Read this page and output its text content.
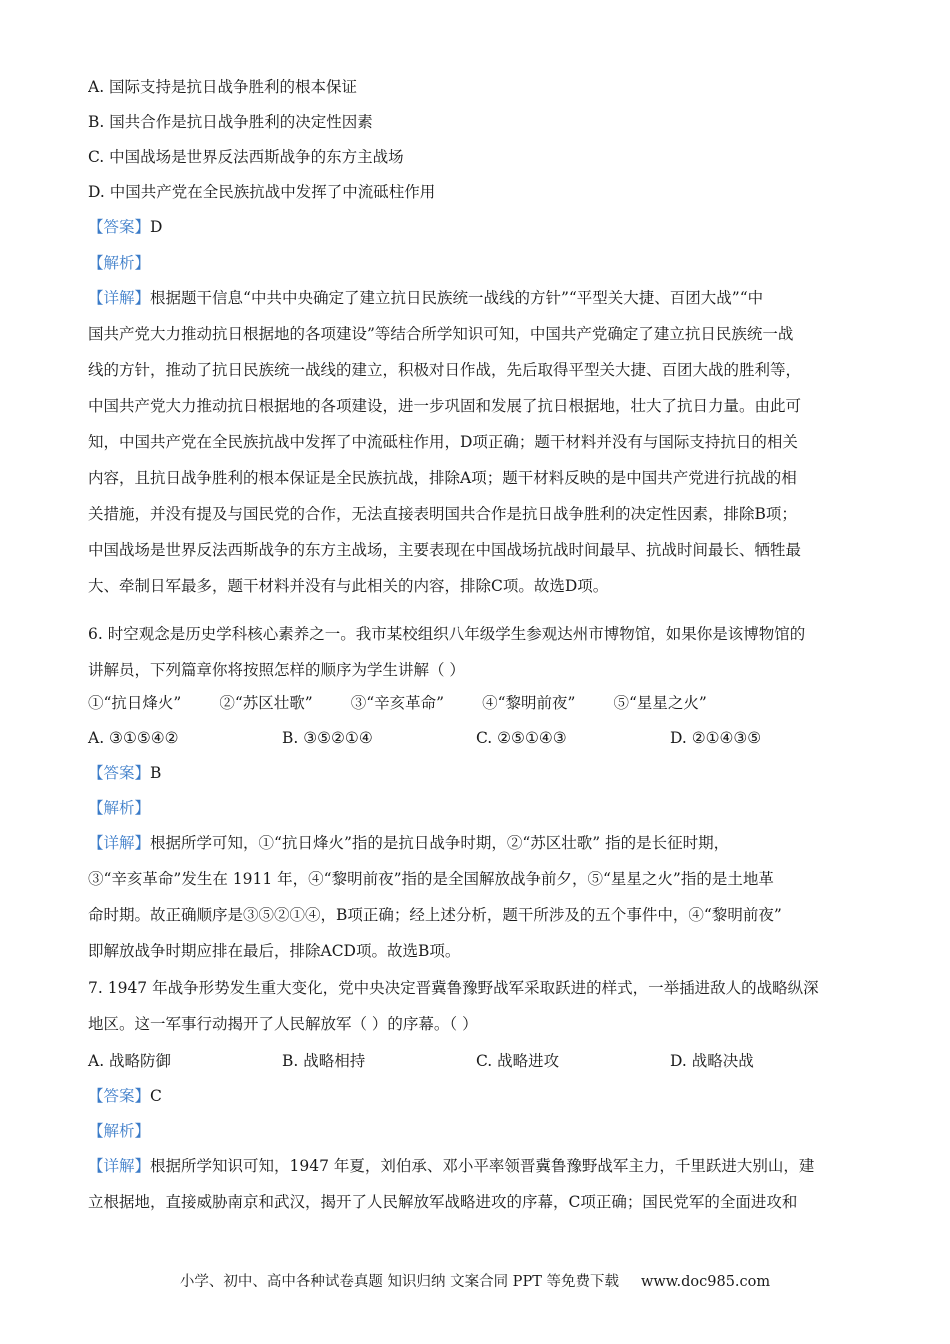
A. 国际支持是抗日战争胜利的根本保证
B. 国共合作是抗日战争胜利的决定性因素
C. 中国战场是世界反法西斯战争的东方主战场
D. 中国共产党在全民族抗战中发挥了中流砥柱作用
【答案】D
【解析】
【详解】根据题干信息“中共中央确定了建立抗日民族统一战线的方针”“平型关大捷、百团大战”“中
国共产党大力推动抗日根据地的各项建设”等结合所学知识可知，中国共产党确定了建立抗日民族统一战
线的方针，推动了抗日民族统一战线的建立，积极对日作战，先后取得平型关大捷、百团大战的胜利等，
中国共产党大力推动抗日根据地的各项建设，进一步巩固和发展了抗日根据地，壮大了抗日力量。由此可
知，中国共产党在全民族抗战中发挥了中流砥柱作用，D项正确；题干材料并没有与国际支持抗日的相关
内容，且抗日战争胜利的根本保证是全民族抗战，排除A项；题干材料反映的是中国共产党进行抗战的相
关措施，并没有提及与国民党的合作，无法直接表明国共合作是抗日战争胜利的决定性因素，排除B项；
中国战场是世界反法西斯战争的东方主战场，主要表现在中国战场抗战时间最早、抗战时间最长、牺牲最
大、牵制日军最多，题干材料并没有与此相关的内容，排除C项。故选D项。
6. 时空观念是历史学科核心素养之一。我市某校组织八年级学生参观达州市博物馆，如果你是该博物馆的
讲解员，下列篇章你将按照怎样的顺序为学生讲解（ ）
①“抗日烽火” ②“苏区壮歌” ③“辛亥革命” ④“黎明前夜” ⑤“星星之火”
A. ③①⑤④②	B. ③⑤②①④	C. ②⑤①④③	D. ②①④③⑤
【答案】B
【解析】
【详解】根据所学可知，①“抗日烽火”指的是抗日战争时期，②“苏区壮歌” 指的是长征时期，
③“辛亥革命”发生在 1911 年，④“黎明前夜”指的是全国解放战争前夕，⑤“星星之火”指的是土地革
命时期。故正确顺序是③⑤②①④，B项正确；经上述分析，题干所涉及的五个事件中，④“黎明前夜”
即解放战争时期应排在最后，排除ACD项。故选B项。
7. 1947 年战争形势发生重大变化，党中央决定晋冀鲁豫野战军采取跃进的样式，一举插进敌人的战略纵深
地区。这一军事行动揭开了人民解放军（ ）的序幕。（ ）
A. 战略防御	B. 战略相持	C. 战略进攻	D. 战略决战
【答案】C
【解析】
【详解】根据所学知识可知，1947 年夏，刘伯承、邓小平率领晋冀鲁豫野战军主力，千里跃进大别山，建
立根据地，直接威胁南京和武汉，揭开了人民解放军战略进攻的序幕，C项正确；国民党军的全面进攻和
小学、初中、高中各种试卷真题 知识归纳 文案合同 PPT 等免费下载 www.doc985.com
